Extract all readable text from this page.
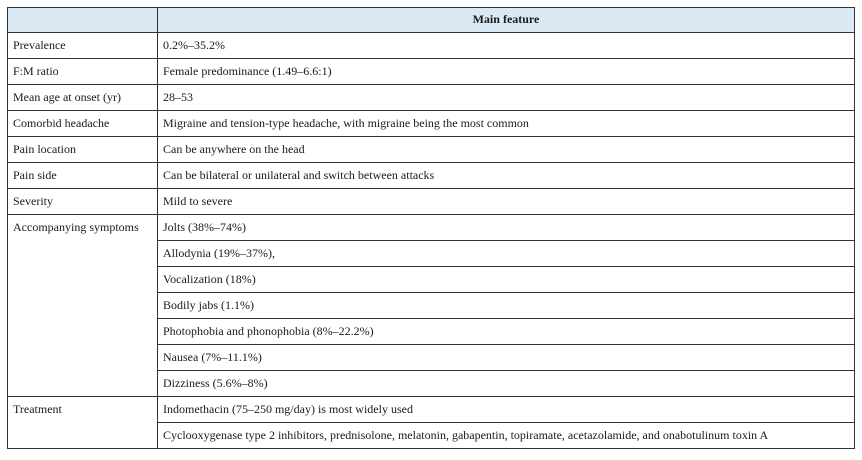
	Main feature
Prevalence	0.2%–35.2%
F:M ratio	Female predominance (1.49–6.6:1)
Mean age at onset (yr)	28–53
Comorbid headache	Migraine and tension-type headache, with migraine being the most common
Pain location	Can be anywhere on the head
Pain side	Can be bilateral or unilateral and switch between attacks
Severity	Mild to severe
Accompanying symptoms	Jolts (38%–74%)
	Allodynia (19%–37%),
	Vocalization (18%)
	Bodily jabs (1.1%)
	Photophobia and phonophobia (8%–22.2%)
	Nausea (7%–11.1%)
	Dizziness (5.6%–8%)
Treatment	Indomethacin (75–250 mg/day) is most widely used
	Cyclooxygenase type 2 inhibitors, prednisolone, melatonin, gabapentin, topiramate, acetazolamide, and onabotulinum toxin A
